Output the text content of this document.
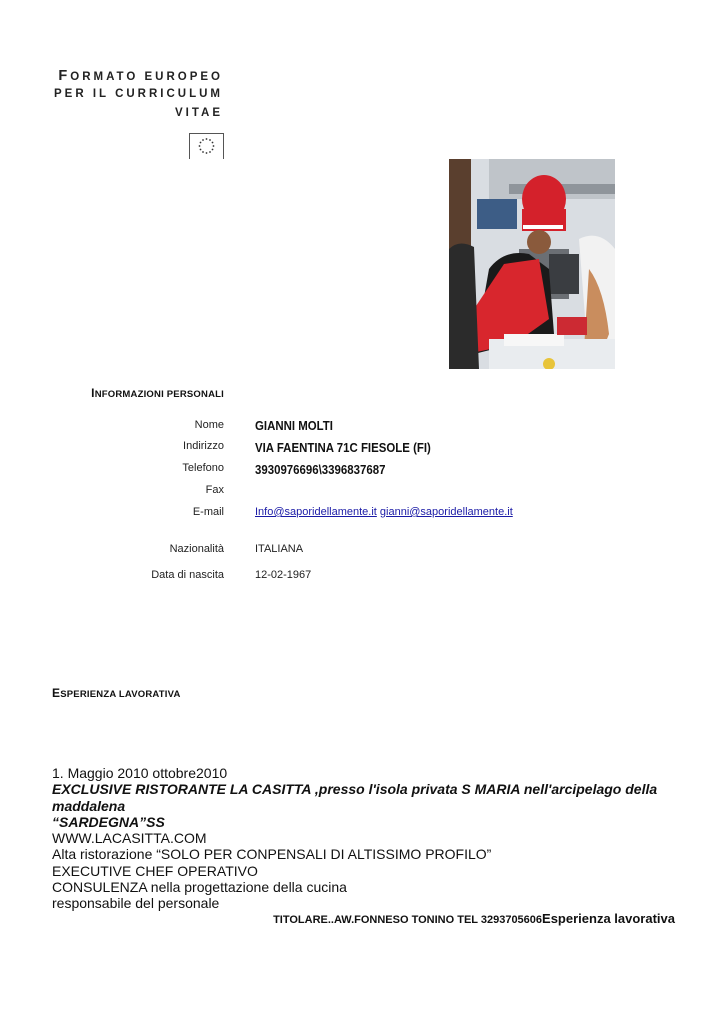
FORMATO EUROPEO
PER IL CURRICULUM
VITAE
INFORMAZIONI PERSONALI
Nome GIANNI MOLTI
Indirizzo VIA FAENTINA 71C FIESOLE (FI)
Telefono 3930976696\3396837687
Fax
E-mail	Info@saporidellamente.it gianni@saporidellamente.it
Nazionalità	ITALIANA
Data di nascita	12-02-1967
ESPERIENZA LAVORATIVA
1. Maggio 2010 ottobre2010
EXCLUSIVE RISTORANTE LA CASITTA ,presso l'isola privata S MARIA nell'arcipelago della
maddalena
“SARDEGNA”SS
WWW.LACASITTA.COM
Alta ristorazione “SOLO PER CONPENSALI DI ALTISSIMO PROFILO”
EXECUTIVE CHEF OPERATIVO
CONSULENZA nella progettazione della cucina
responsabile del personale
TITOLARE..AW.FONNESO TONINO TEL 3293705606Esperienza lavorativa
